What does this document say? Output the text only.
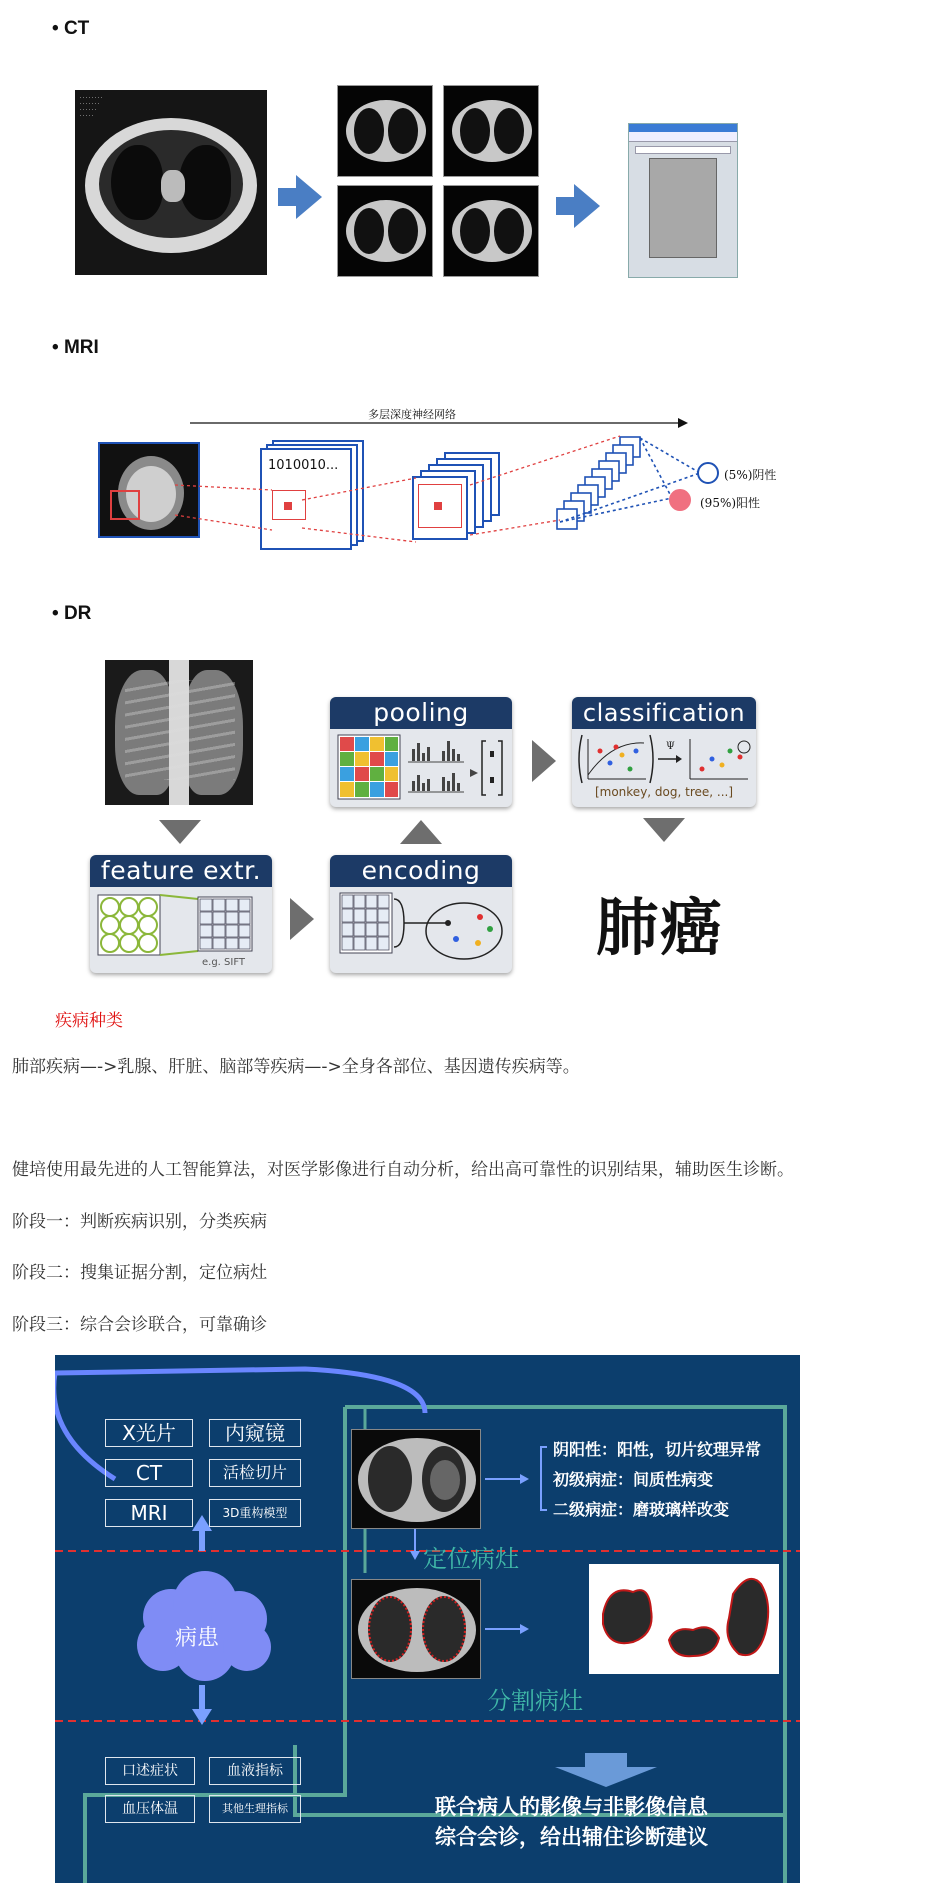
• CT
........
.......
......
.....
• MRI
多层深度神经网络
1010010...
(5%)阴性
(95%)阳性
• DR
feature extr.
e.g. SIFT
encoding
pooling	classification
Ψ
[monkey, dog, tree, ...]
肺癌
疾病种类
肺部疾病—->乳腺、肝脏、脑部等疾病—->全身各部位、基因遗传疾病等。
健培使用最先进的人工智能算法，对医学影像进行自动分析，给出高可靠性的识别结果，辅助医生诊断。
阶段一：判断疾病识别，分类疾病
阶段二：搜集证据分割，定位病灶
阶段三：综合会诊联合，可靠确诊
X光片	内窥镜
CT	活检切片
MRI	3D重构模型
病患
口述症状	血液指标
血压体温	其他生理指标
阴阳性：阳性，切片纹理异常
初级病症：间质性病变
二级病症：磨玻璃样改变
定位病灶
分割病灶
联合病人的影像与非影像信息
综合会诊，给出辅住诊断建议
